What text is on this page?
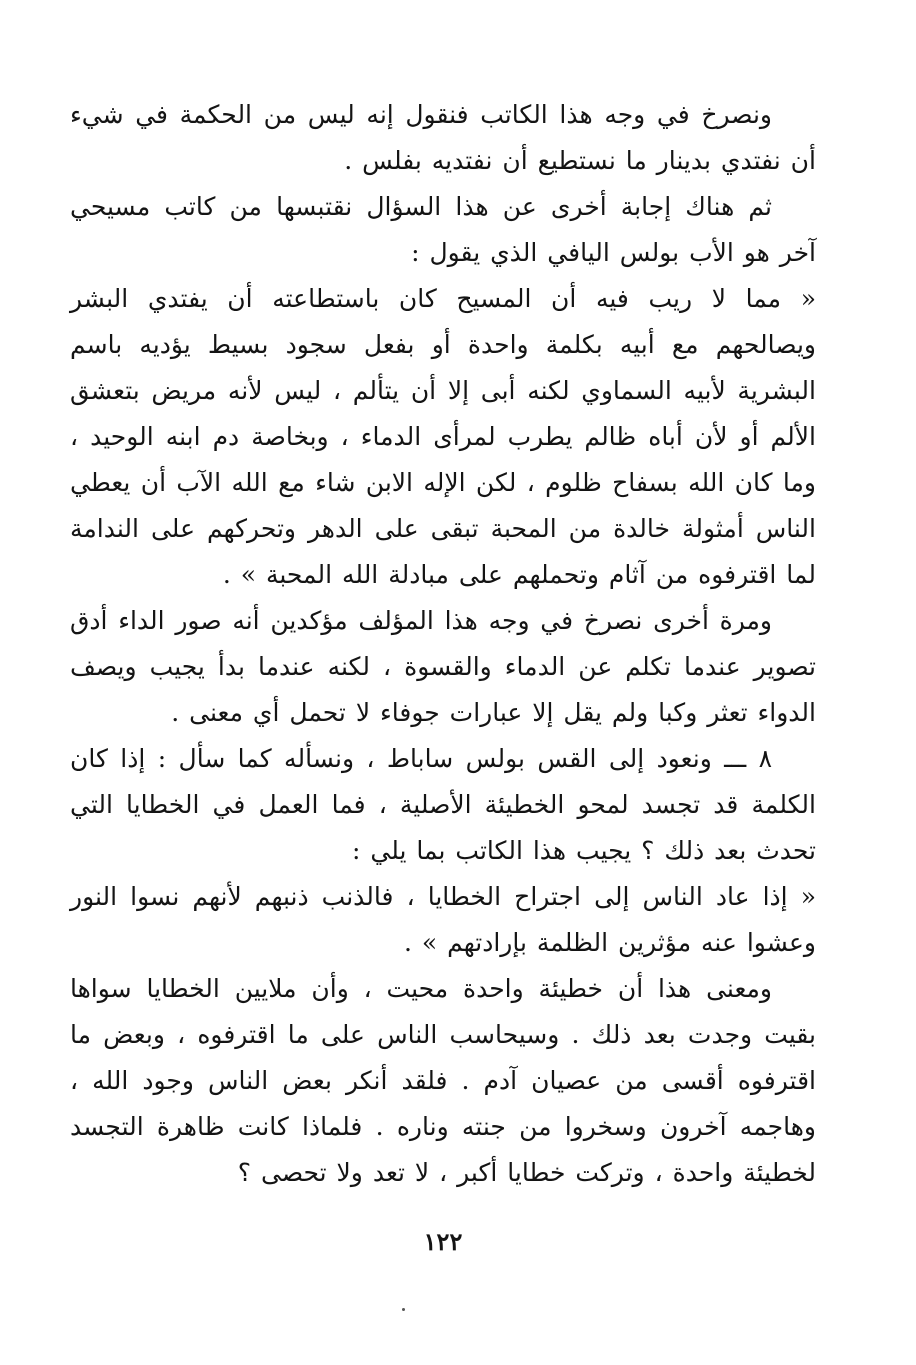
ونصرخ في وجه هذا الكاتب فنقول إنه ليس من الحكمة في شيء أن نفتدي بدينار ما نستطيع أن نفتديه بفلس .

ثم هناك إجابة أخرى عن هذا السؤال نقتبسها من كاتب مسيحي آخر هو الأب بولس اليافي الذي يقول :

« مما لا ريب فيه أن المسيح كان باستطاعته أن يفتدي البشر ويصالحهم مع أبيه بكلمة واحدة أو بفعل سجود بسيط يؤديه باسم البشرية لأبيه السماوي لكنه أبى إلا أن يتألم ، ليس لأنه مريض بتعشق الألم أو لأن أباه ظالم يطرب لمرأى الدماء ، وبخاصة دم ابنه الوحيد ، وما كان الله بسفاح ظلوم ، لكن الإله الابن شاء مع الله الآب أن يعطي الناس أمثولة خالدة من المحبة تبقى على الدهر وتحركهم على الندامة لما اقترفوه من آثام وتحملهم على مبادلة الله المحبة » .

ومرة أخرى نصرخ في وجه هذا المؤلف مؤكدين أنه صور الداء أدق تصوير عندما تكلم عن الدماء والقسوة ، لكنه عندما بدأ يجيب ويصف الدواء تعثر وكبا ولم يقل إلا عبارات جوفاء لا تحمل أي معنى .

٨ ـــ ونعود إلى القس بولس ساباط ، ونسأله كما سأل : إذا كان الكلمة قد تجسد لمحو الخطيئة الأصلية ، فما العمل في الخطايا التي تحدث بعد ذلك ؟ يجيب هذا الكاتب بما يلي :

« إذا عاد الناس إلى اجتراح الخطايا ، فالذنب ذنبهم لأنهم نسوا النور وعشوا عنه مؤثرين الظلمة بإرادتهم » .

ومعنى هذا أن خطيئة واحدة محيت ، وأن ملايين الخطايا سواها بقيت وجدت بعد ذلك . وسيحاسب الناس على ما اقترفوه ، وبعض ما اقترفوه أقسى من عصيان آدم . فلقد أنكر بعض الناس وجود الله ، وهاجمه آخرون وسخروا من جنته وناره . فلماذا كانت ظاهرة التجسد لخطيئة واحدة ، وتركت خطايا أكبر ، لا تعد ولا تحصى ؟

١٢٢
